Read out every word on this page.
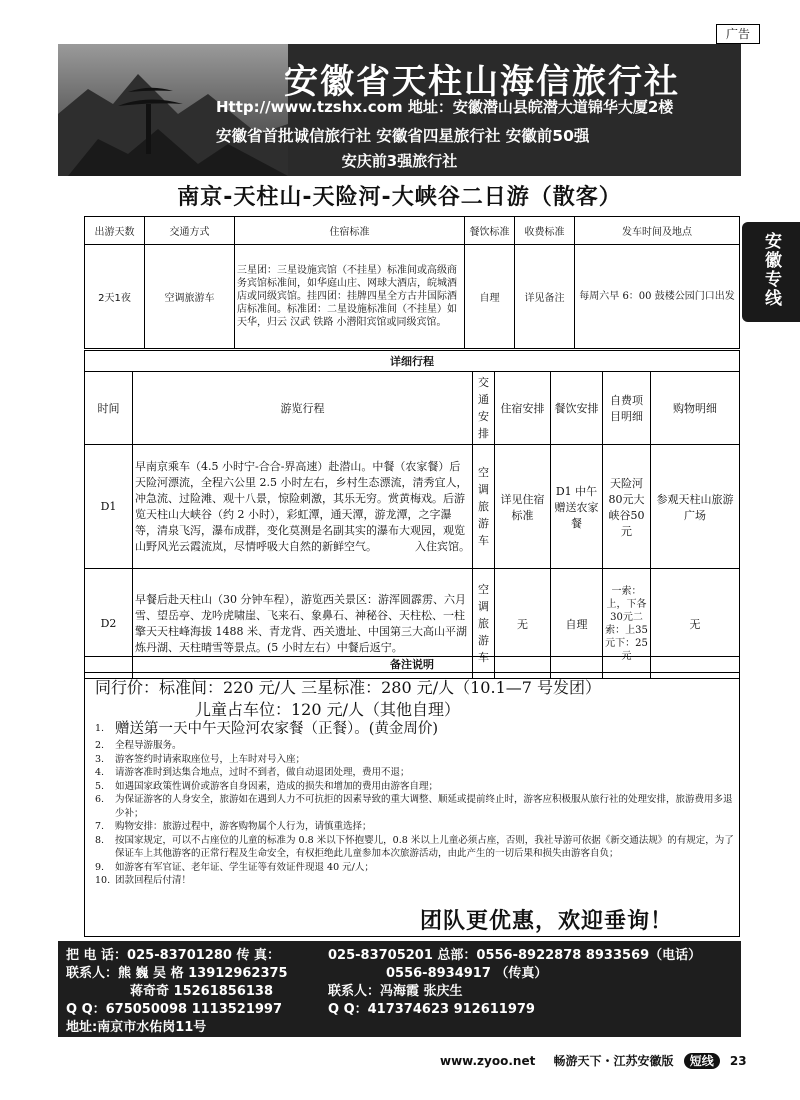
广告
安徽省天柱山海信旅行社
Http://www.tzshx.com 地址：安徽潜山县皖潜大道锦华大厦2楼
安徽省首批诚信旅行社 安徽省四星旅行社 安徽前50强
安庆前3强旅行社
安徽专线
南京-天柱山-天险河-大峡谷二日游（散客）
出游天数	交通方式	住宿标准	餐饮标准	收费标准	发车时间及地点
2天1夜	空调旅游车	三星团：三星设施宾馆（不挂星）标准间或高级商务宾馆标准间，如华庭山庄、网球大酒店，皖城酒店或同级宾馆。挂四团：挂牌四星全方古井国际酒店标准间。标准团：二星设施标准间（不挂星）如天华，归云 汉武 铁路 小潜阳宾馆或同级宾馆。	自理	详见备注	每周六早 6：00 鼓楼公园门口出发
详细行程						
时间	游览行程	交通安排	住宿安排	餐饮安排	自费项目明细	购物明细
D1	早南京乘车（4.5 小时宁-合合-界高速）赴潜山。中餐（农家餐）后天险河漂流，全程六公里 2.5 小时左右，乡村生态漂流，清秀宜人，冲急流、过险滩、观十八景，惊险刺激，其乐无穷。赏黄梅戏。后游览天柱山大峡谷（约 2 小时），彩虹潭，通天潭，游龙潭，之字瀑等，清泉飞泻，瀑布成群，变化莫测是名副其实的瀑布大观园，观览山野风光云霞流岚，尽情呼吸大自然的新鲜空气。 入住宾馆。	空调旅游车	详见住宿标准	D1 中午赠送农家餐	天险河80元大峡谷50元	参观天柱山旅游广场
D2	早餐后赴天柱山（30 分钟车程），游览西关景区：游浑圆霹雳、六月雪、望岳亭、龙吟虎啸崖、飞来石、象鼻石、神秘谷、天柱松、一柱擎天天柱峰海拔 1488 米、青龙背、西关遗址、中国第三大高山平湖炼丹湖、天柱晴雪等景点。(5 小时左右）中餐后返宁。	空调旅游车	无	自理	一索：上，下各30元二索：上35元下：25元	无
备注说明
同行价：标准间：220 元/人 三星标准：280 元/人（10.1—7 号发团）
儿童占车位：120 元/人（其他自理）
1. 赠送第一天中午天险河农家餐（正餐）。(黄金周价)
2.	全程导游服务。
3.	游客签约时请索取座位号，上车时对号入座；
4.	请游客准时到达集合地点，过时不到者，做自动退团处理，费用不退；
5.	如遇国家政策性调价或游客自身因素，造成的损失和增加的费用由游客自理；
6.	为保证游客的人身安全，旅游如在遇到人力不可抗拒的因素导致的重大调整、顺延或提前终止时，游客应积极服从旅行社的处理安排，旅游费用多退少补；
7.	购物安排：旅游过程中，游客购物属个人行为，请慎重选择；
8.	按国家规定，可以不占座位的儿童的标准为 0.8 米以下怀抱婴儿，0.8 米以上儿童必须占座，否则，我社导游可依据《新交通法规》的有规定，为了保证车上其他游客的正常行程及生命安全，有权拒绝此儿童参加本次旅游活动，由此产生的一切后果和损失由游客自负；
9.	如游客有军官证、老年证、学生证等有效证件现退 40 元/人；
10. 团款回程后付清！
团队更优惠，欢迎垂询！
把 电 话：025-83701280 传 真：	025-83705201 总部：0556-8922878 8933569（电话）
联系人：熊 巍 吴 格 13912962375	0556-8934917 （传真）
蒋奇奇 15261856138	联系人：冯海霞 张庆生
Q Q：675050098 1113521997	Q Q：417374623 912611979
地址:南京市水佑岗11号
www.zyoo.net 畅游天下・江苏安徽版 短线 23
